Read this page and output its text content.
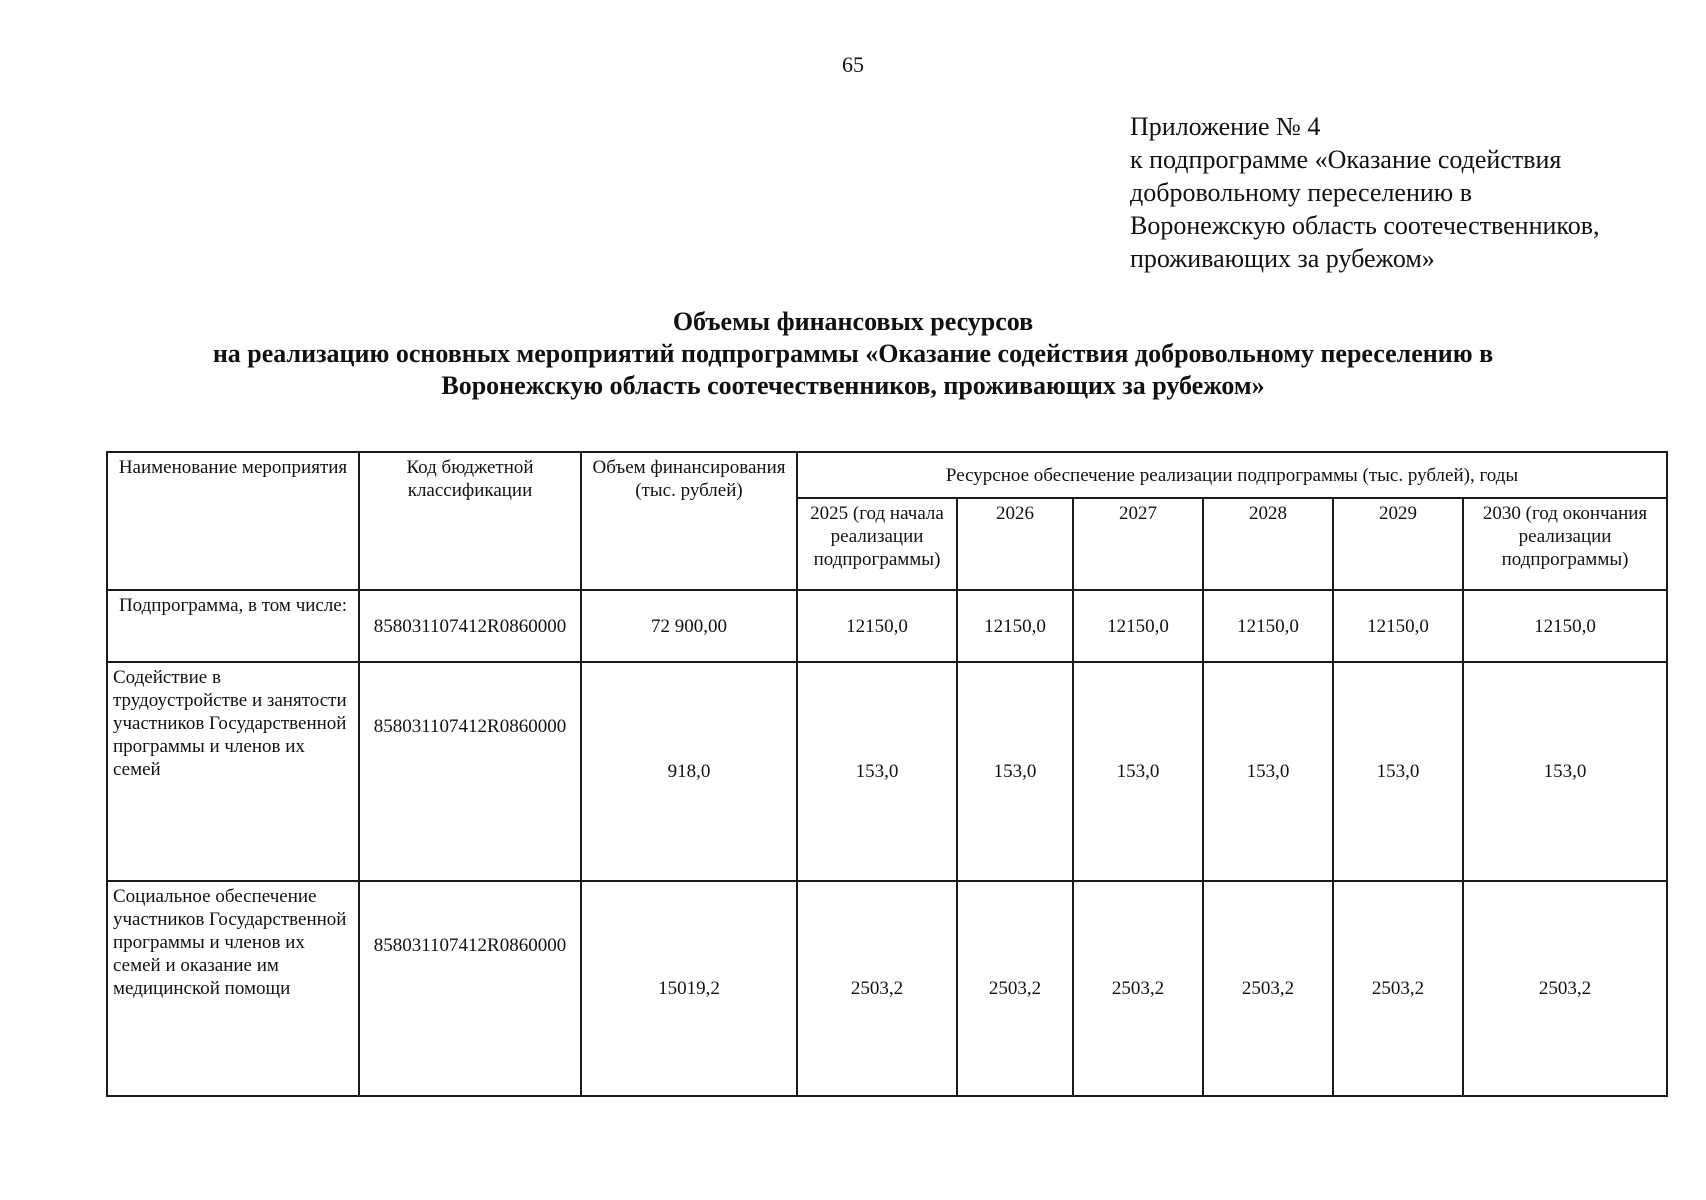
65
Приложение № 4
к подпрограмме «Оказание содействия
добровольному переселению в
Воронежскую область соотечественников,
проживающих за рубежом»
Объемы финансовых ресурсов
на реализацию основных мероприятий подпрограммы «Оказание содействия добровольному переселению в
Воронежскую область соотечественников, проживающих за рубежом»
Наименование мероприятия	Код бюджетной классификации	Объем финансирования (тыс. рублей)	Ресурсное обеспечение реализации подпрограммы (тыс. рублей), годы					
			2025 (год начала реализации подпрограммы)	2026	2027	2028	2029	2030 (год окончания реализации подпрограммы)
Подпрограмма, в том числе:	858031107412R0860000	72 900,00	12150,0	12150,0	12150,0	12150,0	12150,0	12150,0
Содействие в трудоустройстве и занятости участников Государственной программы и членов их семей	858031107412R0860000	918,0	153,0	153,0	153,0	153,0	153,0	153,0
Социальное обеспечение участников Государственной программы и членов их семей и оказание им медицинской помощи	858031107412R0860000	15019,2	2503,2	2503,2	2503,2	2503,2	2503,2	2503,2
